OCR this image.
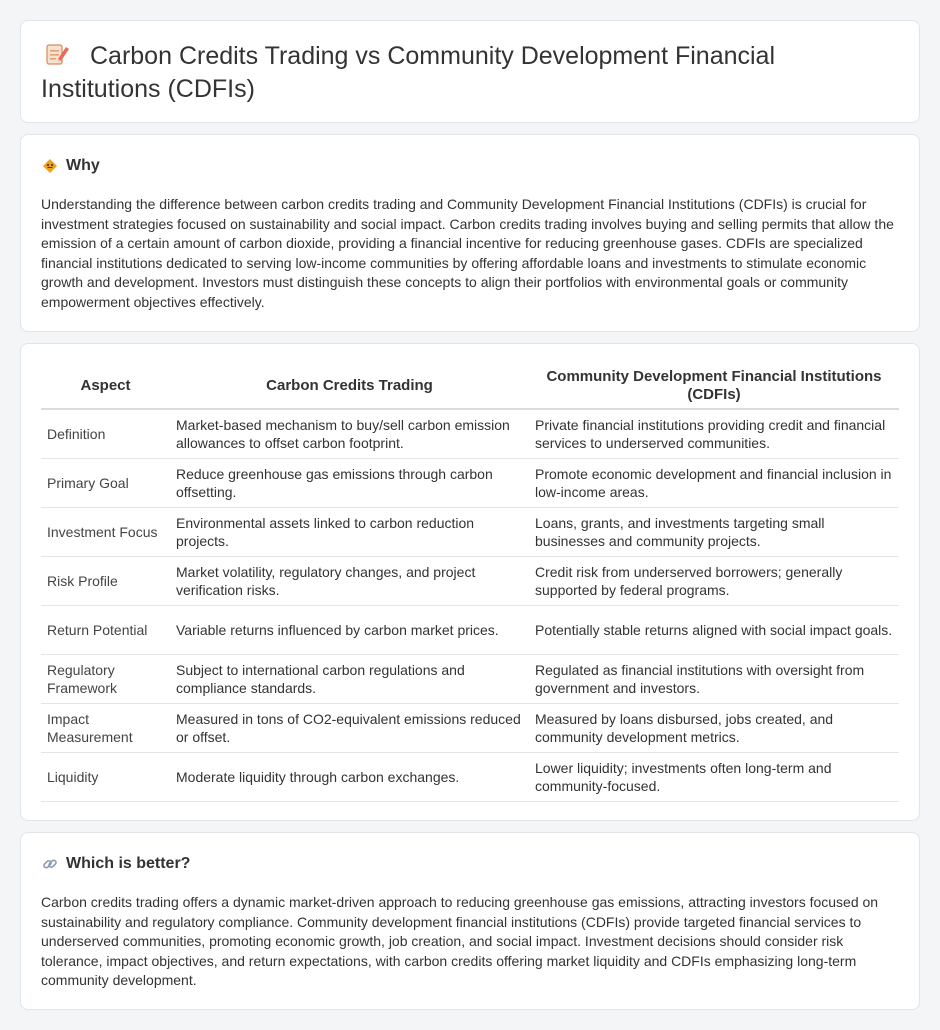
Carbon Credits Trading vs Community Development Financial Institutions (CDFIs)
Why

Understanding the difference between carbon credits trading and Community Development Financial Institutions (CDFIs) is crucial for investment strategies focused on sustainability and social impact. Carbon credits trading involves buying and selling permits that allow the emission of a certain amount of carbon dioxide, providing a financial incentive for reducing greenhouse gases. CDFIs are specialized financial institutions dedicated to serving low-income communities by offering affordable loans and investments to stimulate economic growth and development. Investors must distinguish these concepts to align their portfolios with environmental goals or community empowerment objectives effectively.

Aspect	Carbon Credits Trading	Community Development Financial Institutions (CDFIs)
Definition	Market-based mechanism to buy/sell carbon emission allowances to offset carbon footprint.	Private financial institutions providing credit and financial services to underserved communities.
Primary Goal	Reduce greenhouse gas emissions through carbon offsetting.	Promote economic development and financial inclusion in low-income areas.
Investment Focus	Environmental assets linked to carbon reduction projects.	Loans, grants, and investments targeting small businesses and community projects.
Risk Profile	Market volatility, regulatory changes, and project verification risks.	Credit risk from underserved borrowers; generally supported by federal programs.
Return Potential	Variable returns influenced by carbon market prices.	Potentially stable returns aligned with social impact goals.
Regulatory Framework	Subject to international carbon regulations and compliance standards.	Regulated as financial institutions with oversight from government and investors.
Impact Measurement	Measured in tons of CO2-equivalent emissions reduced or offset.	Measured by loans disbursed, jobs created, and community development metrics.
Liquidity	Moderate liquidity through carbon exchanges.	Lower liquidity; investments often long-term and community-focused.
Which is better?

Carbon credits trading offers a dynamic market-driven approach to reducing greenhouse gas emissions, attracting investors focused on sustainability and regulatory compliance. Community development financial institutions (CDFIs) provide targeted financial services to underserved communities, promoting economic growth, job creation, and social impact. Investment decisions should consider risk tolerance, impact objectives, and return expectations, with carbon credits offering market liquidity and CDFIs emphasizing long-term community development.
